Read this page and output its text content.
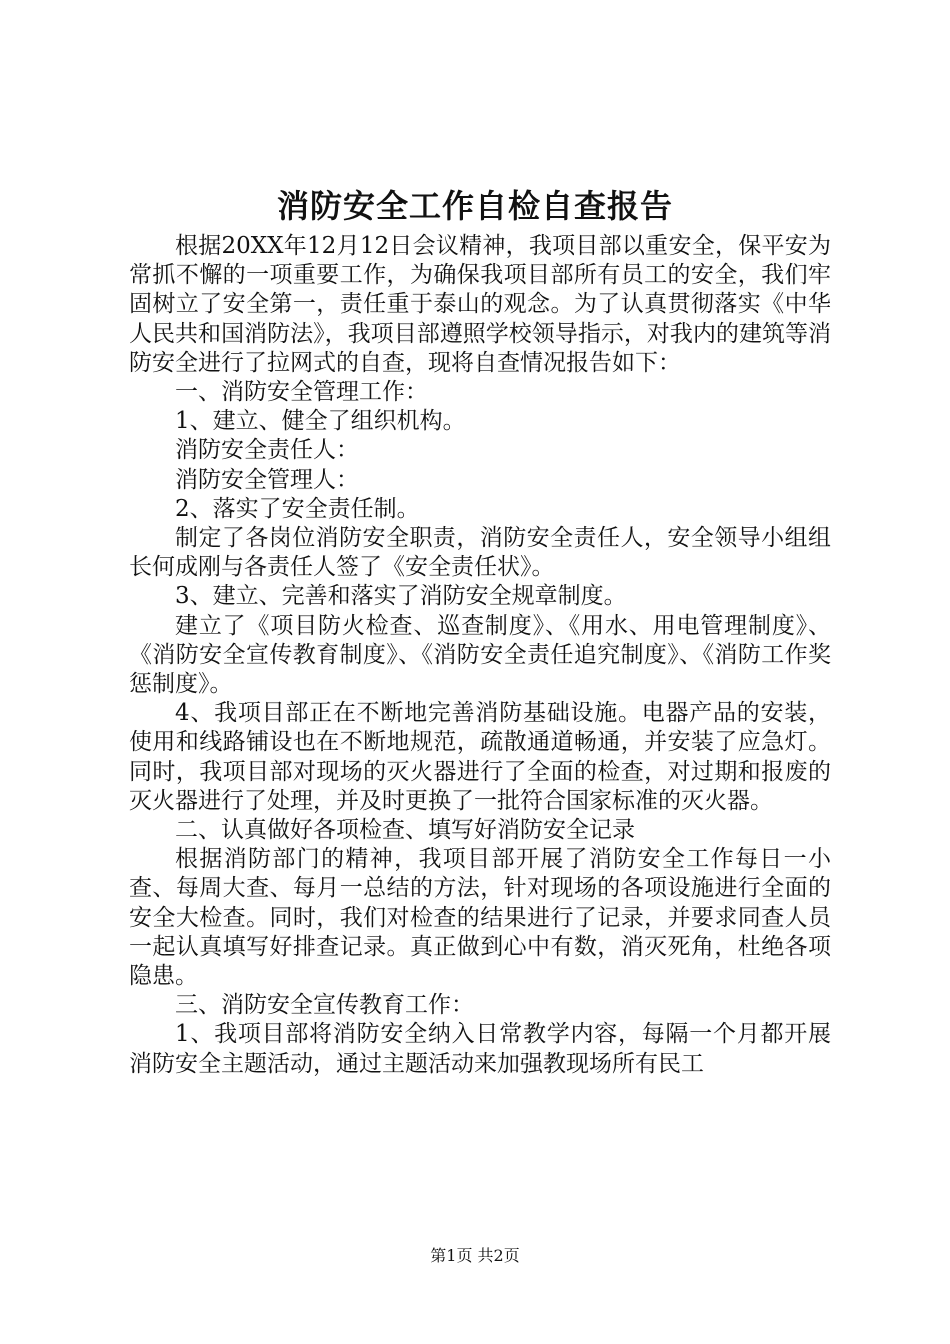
消防安全工作自检自查报告

根据20XX年12月12日会议精神，我项目部以重安全，保平安为常抓不懈的一项重要工作，为确保我项目部所有员工的安全，我们牢固树立了安全第一，责任重于泰山的观念。为了认真贯彻落实《中华人民共和国消防法》，我项目部遵照学校领导指示，对我内的建筑等消防安全进行了拉网式的自查，现将自查情况报告如下：

一、消防安全管理工作：

1、建立、健全了组织机构。

消防安全责任人：

消防安全管理人：

2、落实了安全责任制。

制定了各岗位消防安全职责，消防安全责任人，安全领导小组组长何成刚与各责任人签了《安全责任状》。

3、建立、完善和落实了消防安全规章制度。

建立了《项目防火检查、巡查制度》、《用水、用电管理制度》、《消防安全宣传教育制度》、《消防安全责任追究制度》、《消防工作奖惩制度》。

4、我项目部正在不断地完善消防基础设施。电器产品的安装，使用和线路铺设也在不断地规范，疏散通道畅通，并安装了应急灯。同时，我项目部对现场的灭火器进行了全面的检查，对过期和报废的灭火器进行了处理，并及时更换了一批符合国家标准的灭火器。

二、认真做好各项检查、填写好消防安全记录

根据消防部门的精神，我项目部开展了消防安全工作每日一小查、每周大查、每月一总结的方法，针对现场的各项设施进行全面的安全大检查。同时，我们对检查的结果进行了记录，并要求同查人员一起认真填写好排查记录。真正做到心中有数，消灭死角，杜绝各项隐患。

三、消防安全宣传教育工作：

1、我项目部将消防安全纳入日常教学内容，每隔一个月都开展消防安全主题活动，通过主题活动来加强教现场所有民工

第1页 共2页
